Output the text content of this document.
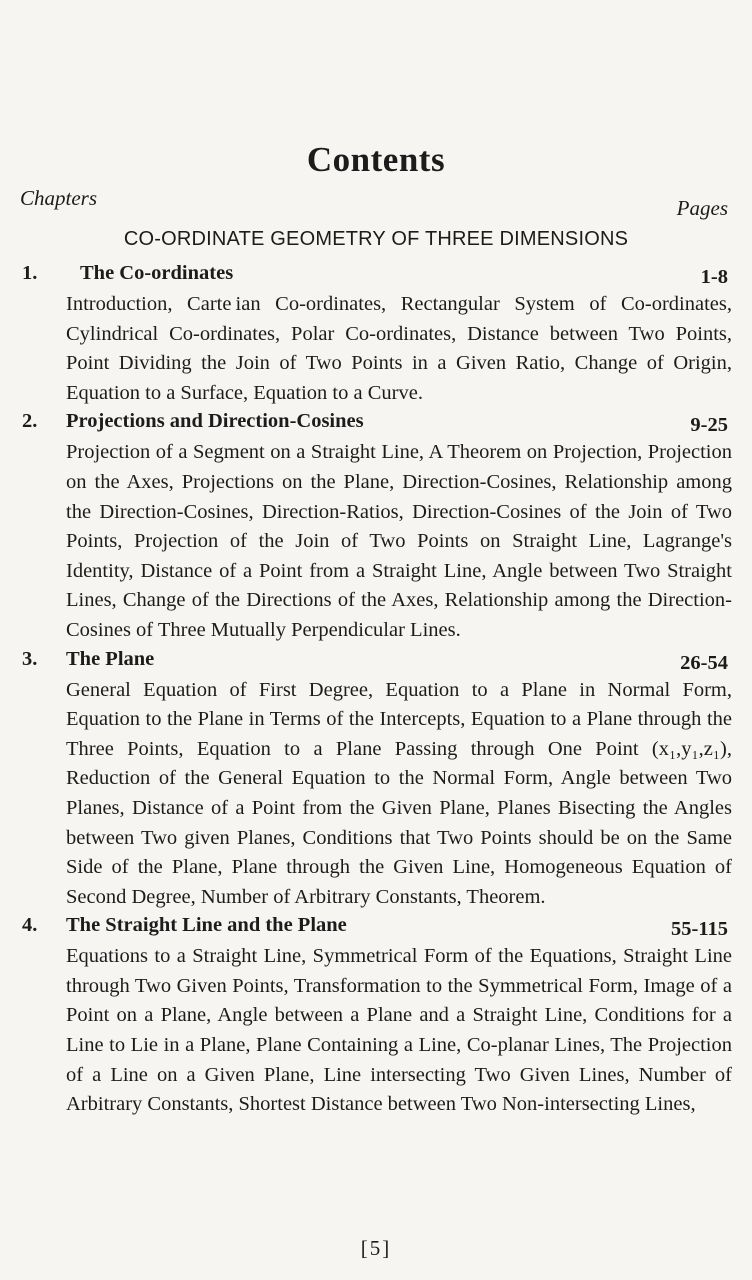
Contents
Chapters	Pages
CO-ORDINATE GEOMETRY OF THREE DIMENSIONS
1. The Co-ordinates	1-8
Introduction, Carte ian Co-ordinates, Rectangular System of Co-ordinates, Cylindrical Co-ordinates, Polar Co-ordinates, Distance between Two Points, Point Dividing the Join of Two Points in a Given Ratio, Change of Origin, Equation to a Surface, Equation to a Curve.
2. Projections and Direction-Cosines	9-25
Projection of a Segment on a Straight Line, A Theorem on Projection, Projection on the Axes, Projections on the Plane, Direction-Cosines, Relationship among the Direction-Cosines, Direction-Ratios, Direction-Cosines of the Join of Two Points, Projection of the Join of Two Points on Straight Line, Lagrange's Identity, Distance of a Point from a Straight Line, Angle between Two Straight Lines, Change of the Directions of the Axes, Relationship among the Direction-Cosines of Three Mutually Perpendicular Lines.
3. The Plane	26-54
General Equation of First Degree, Equation to a Plane in Normal Form, Equation to the Plane in Terms of the Intercepts, Equation to a Plane through the Three Points, Equation to a Plane Passing through One Point (x₁,y₁,z₁), Reduction of the General Equation to the Normal Form, Angle between Two Planes, Distance of a Point from the Given Plane, Planes Bisecting the Angles between Two given Planes, Conditions that Two Points should be on the Same Side of the Plane, Plane through the Given Line, Homogeneous Equation of Second Degree, Number of Arbitrary Constants, Theorem.
4. The Straight Line and the Plane	55-115
Equations to a Straight Line, Symmetrical Form of the Equations, Straight Line through Two Given Points, Transformation to the Symmetrical Form, Image of a Point on a Plane, Angle between a Plane and a Straight Line, Conditions for a Line to Lie in a Plane, Plane Containing a Line, Co-planar Lines, The Projection of a Line on a Given Plane, Line intersecting Two Given Lines, Number of Arbitrary Constants, Shortest Distance between Two Non-intersecting Lines,
[5]
